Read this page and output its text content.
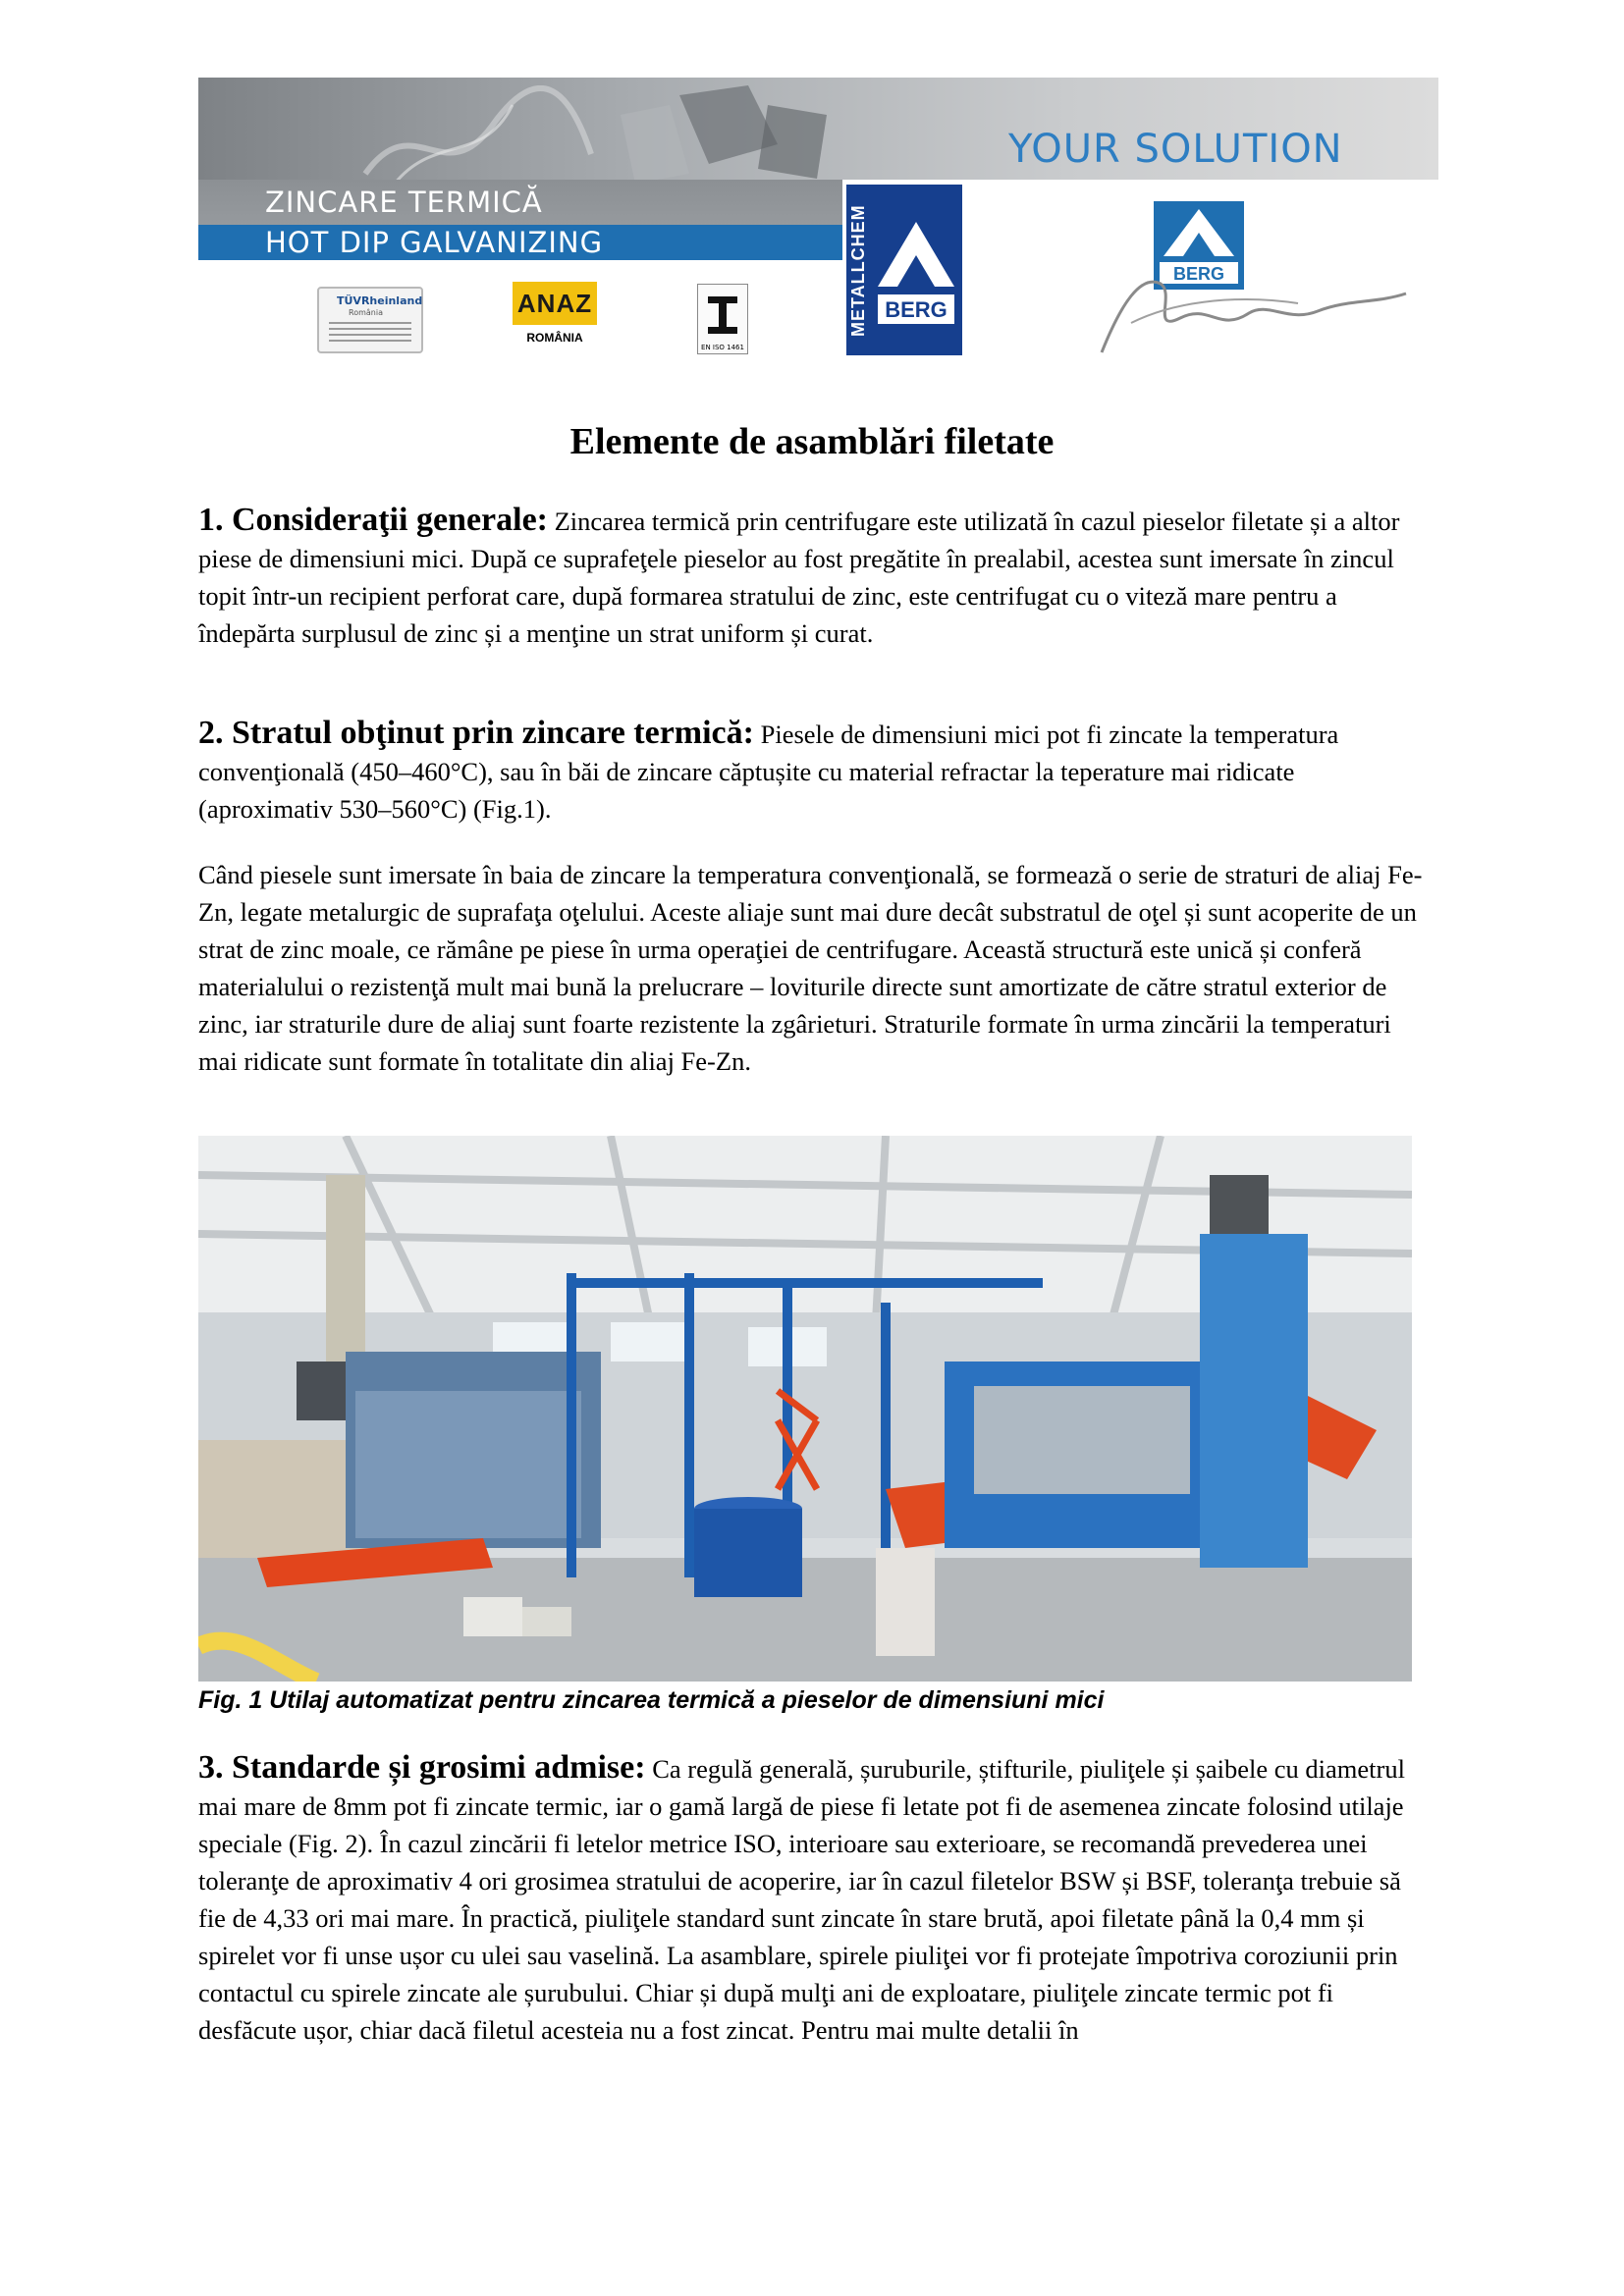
YOUR SOLUTION
ZINCARE TERMICĂ
HOT DIP GALVANIZING
TÜVRheinland
România	ANAZ
ROMÂNIA
EN ISO 1461
METALLCHEM BERG
BERG
Elemente de asamblări filetate

1. Consideraţii generale: Zincarea termică prin centrifugare este utilizată în cazul pieselor filetate și a altor piese de dimensiuni mici. După ce suprafeţele pieselor au fost pregătite în prealabil, acestea sunt imersate în zincul topit într-un recipient perforat care, după formarea stratului de zinc, este centrifugat cu o viteză mare pentru a îndepărta surplusul de zinc și a menţine un strat uniform și curat.

2. Stratul obţinut prin zincare termică: Piesele de dimensiuni mici pot fi zincate la temperatura convenţională (450–460°C), sau în băi de zincare căptușite cu material refractar la teperature mai ridicate (aproximativ 530–560°C) (Fig.1).

Când piesele sunt imersate în baia de zincare la temperatura convenţională, se formează o serie de straturi de aliaj Fe-Zn, legate metalurgic de suprafaţa oţelului. Aceste aliaje sunt mai dure decât substratul de oţel și sunt acoperite de un strat de zinc moale, ce rămâne pe piese în urma operaţiei de centrifugare. Această structură este unică și conferă materialului o rezistenţă mult mai bună la prelucrare – loviturile directe sunt amortizate de către stratul exterior de zinc, iar straturile dure de aliaj sunt foarte rezistente la zgârieturi. Straturile formate în urma zincării la temperaturi mai ridicate sunt formate în totalitate din aliaj Fe-Zn.

Fig. 1 Utilaj automatizat pentru zincarea termică a pieselor de dimensiuni mici

3. Standarde și grosimi admise: Ca regulă generală, șuruburile, știfturile, piuliţele și șaibele cu diametrul mai mare de 8mm pot fi zincate termic, iar o gamă largă de piese fi letate pot fi de asemenea zincate folosind utilaje speciale (Fig. 2). În cazul zincării fi letelor metrice ISO, interioare sau exterioare, se recomandă prevederea unei toleranţe de aproximativ 4 ori grosimea stratului de acoperire, iar în cazul filetelor BSW și BSF, toleranţa trebuie să fie de 4,33 ori mai mare. În practică, piuliţele standard sunt zincate în stare brută, apoi filetate până la 0,4 mm și spirelet vor fi unse ușor cu ulei sau vaselină. La asamblare, spirele piuliţei vor fi protejate împotriva coroziunii prin contactul cu spirele zincate ale șurubului. Chiar și după mulţi ani de exploatare, piuliţele zincate termic pot fi desfăcute ușor, chiar dacă filetul acesteia nu a fost zincat. Pentru mai multe detalii în
